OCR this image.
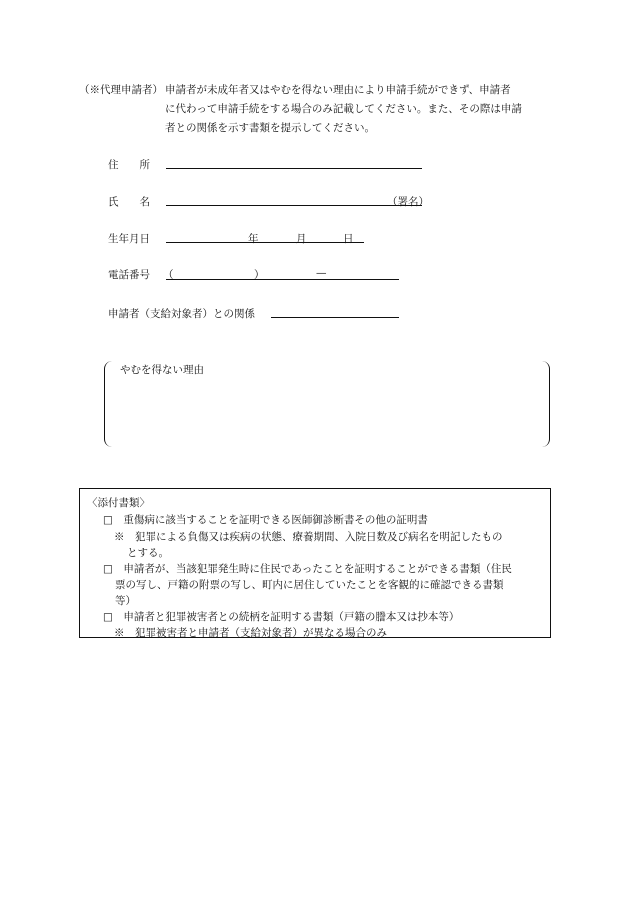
（※代理申請者） 申請者が未成年者又はやむを得ない理由により申請手続ができず、申請者
に代わって申請手続をする場合のみ記載してください。また、その際は申請
者との関係を示す書類を提示してください。
住　　所
氏　　名	（署名）
生年月日	年	月	日
電話番号 （	）	—
申請者（支給対象者）との関係
やむを得ない理由
〈添付書類〉
□　重傷病に該当することを証明できる医師御診断書その他の証明書
※　犯罪による負傷又は疾病の状態、療養期間、入院日数及び病名を明記したもの
とする。
□　申請者が、当該犯罪発生時に住民であったことを証明することができる書類（住民
票の写し、戸籍の附票の写し、町内に居住していたことを客観的に確認できる書類
等）
□　申請者と犯罪被害者との続柄を証明する書類（戸籍の謄本又は抄本等）
※　犯罪被害者と申請者（支給対象者）が異なる場合のみ
